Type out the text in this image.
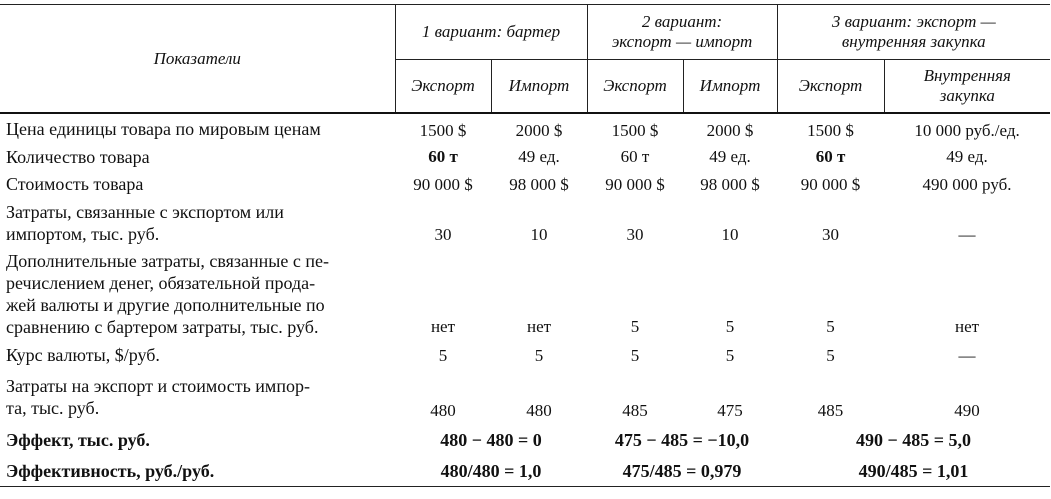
Показатели	1 вариант: бартер		2 вариант:
экспорт — импорт		3 вариант: экспорт —
внутренняя закупка	
	Экспорт	Импорт	Экспорт	Импорт	Экспорт	Внутренняя
закупка
Цена единицы товара по мировым ценам	1500 $	2000 $	1500 $	2000 $	1500 $	10 000 руб./ед.
Количество товара	60 т	49 ед.	60 т	49 ед.	60 т	49 ед.
Стоимость товара	90 000 $	98 000 $	90 000 $	98 000 $	90 000 $	490 000 руб.
Затраты, связанные с экспортом или
импортом, тыс. руб.	30	10	30	10	30	—
Дополнительные затраты, связанные с пе-
речислением денег, обязательной прода-
жей валюты и другие дополнительные по
сравнению с бартером затраты, тыс. руб.	нет	нет	5	5	5	нет
Курс валюты, $/руб.	5	5	5	5	5	—
Затраты на экспорт и стоимость импор-
та, тыс. руб.	480	480	485	475	485	490
Эффект, тыс. руб.	480 − 480 = 0		475 − 485 = −10,0		490 − 485 = 5,0	
Эффективность, руб./руб.	480/480 = 1,0		475/485 = 0,979		490/485 = 1,01	
